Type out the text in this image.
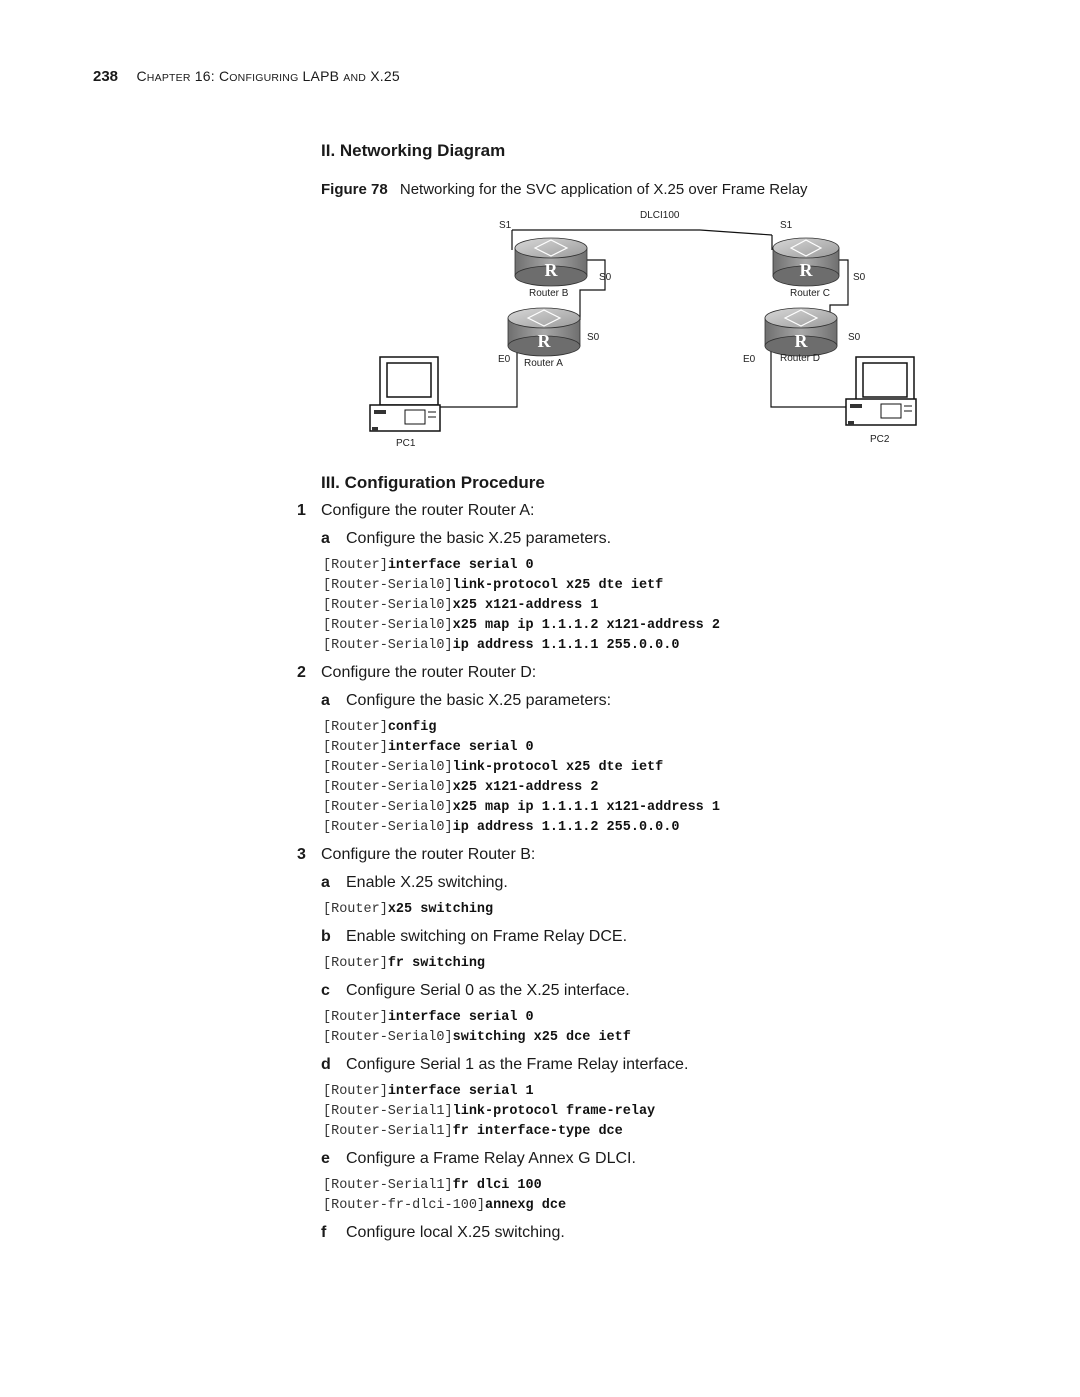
238 CHAPTER 16: CONFIGURING LAPB AND X.25
II. Networking Diagram
Figure 78 Networking for the SVC application of X.25 over Frame Relay
R	R
R	R
S1
DLCI100
S1
S0	S0
Router B	Router C
S0	S0
E0 Router A	E0 Router D
PC1	PC2
III. Configuration Procedure
1 Configure the router Router A:
a Configure the basic X.25 parameters.
[Router]interface serial 0
[Router-Serial0]link-protocol x25 dte ietf
[Router-Serial0]x25 x121-address 1
[Router-Serial0]x25 map ip 1.1.1.2 x121-address 2
[Router-Serial0]ip address 1.1.1.1 255.0.0.0
2 Configure the router Router D:
a Configure the basic X.25 parameters:
[Router]config
[Router]interface serial 0
[Router-Serial0]link-protocol x25 dte ietf
[Router-Serial0]x25 x121-address 2
[Router-Serial0]x25 map ip 1.1.1.1 x121-address 1
[Router-Serial0]ip address 1.1.1.2 255.0.0.0
3 Configure the router Router B:
a Enable X.25 switching.
[Router]x25 switching
b Enable switching on Frame Relay DCE.
[Router]fr switching
c Configure Serial 0 as the X.25 interface.
[Router]interface serial 0
[Router-Serial0]switching x25 dce ietf
d Configure Serial 1 as the Frame Relay interface.
[Router]interface serial 1
[Router-Serial1]link-protocol frame-relay
[Router-Serial1]fr interface-type dce
e Configure a Frame Relay Annex G DLCI.
[Router-Serial1]fr dlci 100
[Router-fr-dlci-100]annexg dce
f Configure local X.25 switching.
